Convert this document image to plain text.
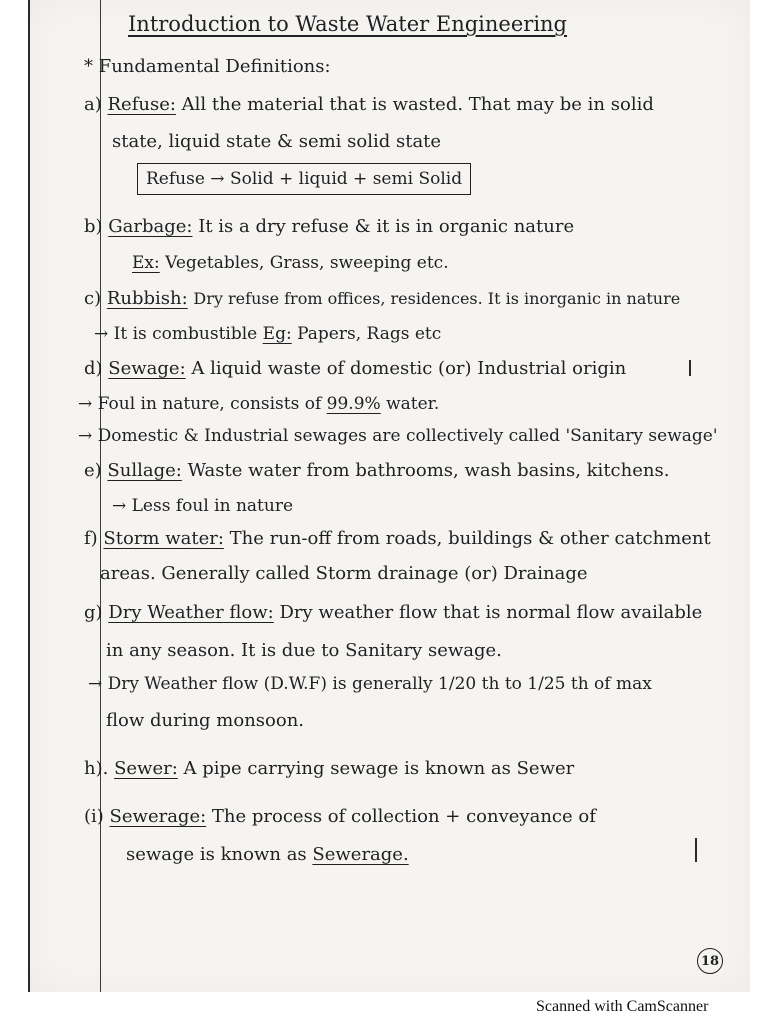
Introduction to Waste Water Engineering
* Fundamental Definitions:
a) Refuse: All the material that is wasted. That may be in solid
state, liquid state & semi solid state
Refuse → Solid + liquid + semi Solid
b) Garbage: It is a dry refuse & it is in organic nature
Ex: Vegetables, Grass, sweeping etc.
c) Rubbish: Dry refuse from offices, residences. It is inorganic in nature
→ It is combustible Eg: Papers, Rags etc
d) Sewage: A liquid waste of domestic (or) Industrial origin
→ Foul in nature, consists of 99.9% water.
→ Domestic & Industrial sewages are collectively called 'Sanitary sewage'
e) Sullage: Waste water from bathrooms, wash basins, kitchens.
→ Less foul in nature
f) Storm water: The run-off from roads, buildings & other catchment
areas. Generally called Storm drainage (or) Drainage
g) Dry Weather flow: Dry weather flow that is normal flow available
in any season. It is due to Sanitary sewage.
→ Dry Weather flow (D.W.F) is generally 1/20 th to 1/25 th of max
flow during monsoon.
h). Sewer: A pipe carrying sewage is known as Sewer
(i) Sewerage: The process of collection + conveyance of
sewage is known as Sewerage.
18
Scanned with CamScanner
